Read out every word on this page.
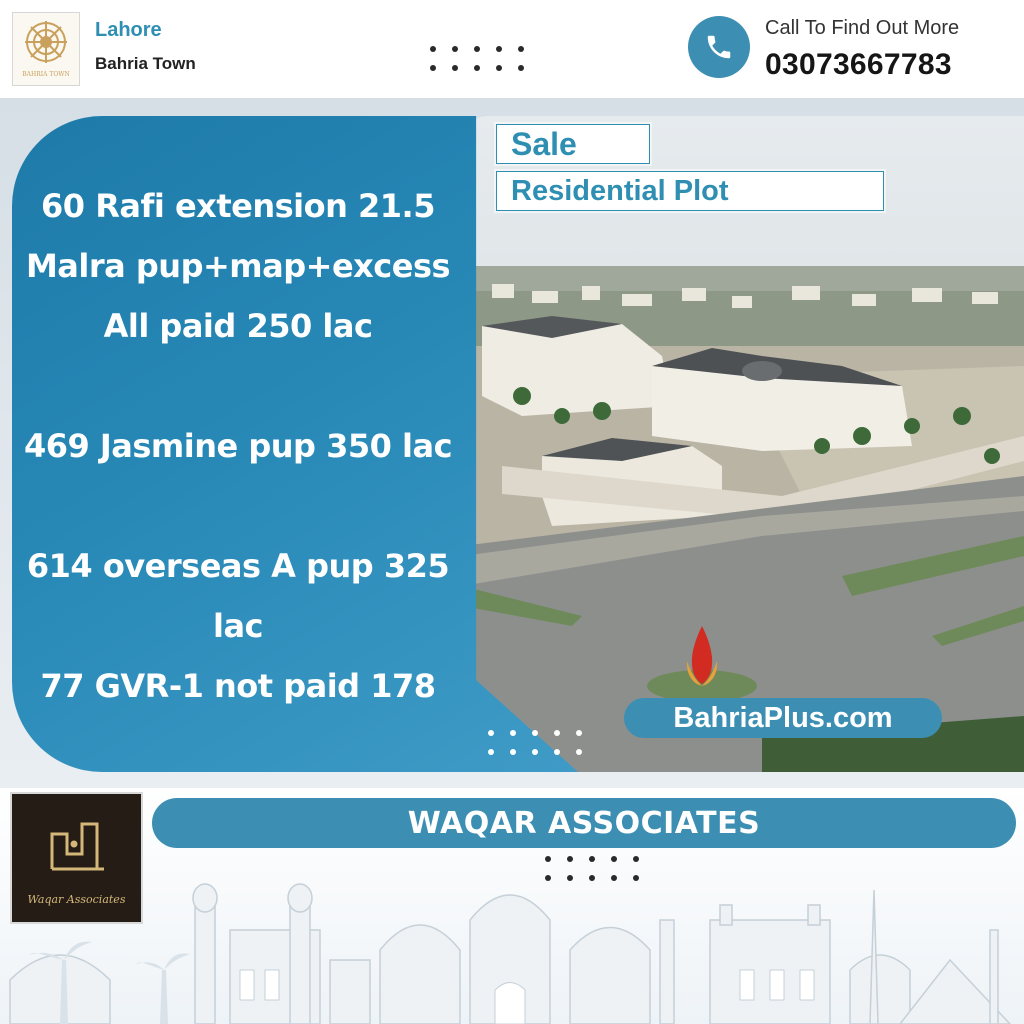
BAHRIA TOWN
Lahore
Bahria Town
Call To Find Out More
03073667783
60 Rafi extension 21.5
Malra pup+map+excess
All paid 250 lac
469 Jasmine pup 350 lac
614 overseas A pup 325
lac
77 GVR-1 not paid 178
Sale
Residential Plot
BahriaPlus.com
Waqar Associates
WAQAR ASSOCIATES
